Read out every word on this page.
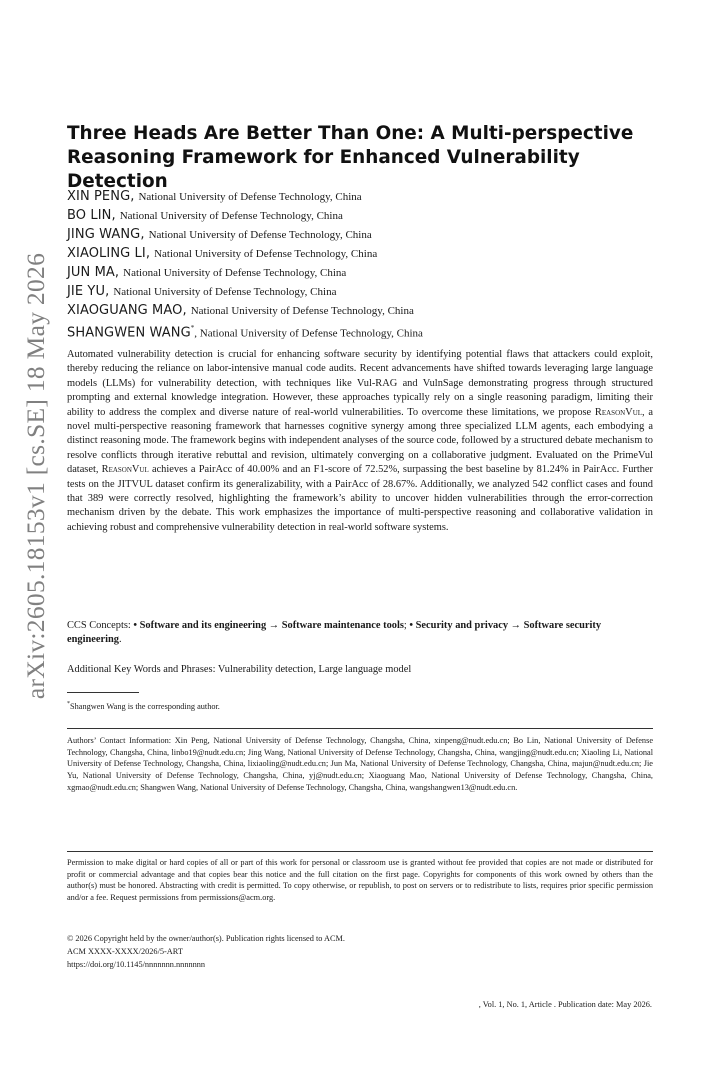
arXiv:2605.18153v1 [cs.SE] 18 May 2026
Three Heads Are Better Than One: A Multi-perspective Reasoning Framework for Enhanced Vulnerability Detection
XIN PENG, National University of Defense Technology, China
BO LIN, National University of Defense Technology, China
JING WANG, National University of Defense Technology, China
XIAOLING LI, National University of Defense Technology, China
JUN MA, National University of Defense Technology, China
JIE YU, National University of Defense Technology, China
XIAOGUANG MAO, National University of Defense Technology, China
SHANGWEN WANG*, National University of Defense Technology, China

Automated vulnerability detection is crucial for enhancing software security by identifying potential flaws that attackers could exploit, thereby reducing the reliance on labor-intensive manual code audits. Recent advancements have shifted towards leveraging large language models (LLMs) for vulnerability detection, with techniques like Vul-RAG and VulnSage demonstrating progress through structured prompting and external knowledge integration. However, these approaches typically rely on a single reasoning paradigm, limiting their ability to address the complex and diverse nature of real-world vulnerabilities. To overcome these limitations, we propose ReasonVul, a novel multi-perspective reasoning framework that harnesses cognitive synergy among three specialized LLM agents, each embodying a distinct reasoning mode. The framework begins with independent analyses of the source code, followed by a structured debate mechanism to resolve conflicts through iterative rebuttal and revision, ultimately converging on a collaborative judgment. Evaluated on the PrimeVul dataset, ReasonVul achieves a PairAcc of 40.00% and an F1-score of 72.52%, surpassing the best baseline by 81.24% in PairAcc. Further tests on the JITVUL dataset confirm its generalizability, with a PairAcc of 28.67%. Additionally, we analyzed 542 conflict cases and found that 389 were correctly resolved, highlighting the framework’s ability to uncover hidden vulnerabilities through the error-correction mechanism driven by the debate. This work emphasizes the importance of multi-perspective reasoning and collaborative validation in achieving robust and comprehensive vulnerability detection in real-world software systems.

CCS Concepts: • Software and its engineering → Software maintenance tools; • Security and privacy → Software security engineering.

Additional Key Words and Phrases: Vulnerability detection, Large language model

*Shangwen Wang is the corresponding author.

Authors’ Contact Information: Xin Peng, National University of Defense Technology, Changsha, China, xinpeng@nudt.edu.cn; Bo Lin, National University of Defense Technology, Changsha, China, linbo19@nudt.edu.cn; Jing Wang, National University of Defense Technology, Changsha, China, wangjing@nudt.edu.cn; Xiaoling Li, National University of Defense Technology, Changsha, China, lixiaoling@nudt.edu.cn; Jun Ma, National University of Defense Technology, Changsha, China, majun@nudt.edu.cn; Jie Yu, National University of Defense Technology, Changsha, China, yj@nudt.edu.cn; Xiaoguang Mao, National University of Defense Technology, Changsha, China, xgmao@nudt.edu.cn; Shangwen Wang, National University of Defense Technology, Changsha, China, wangshangwen13@nudt.edu.cn.

Permission to make digital or hard copies of all or part of this work for personal or classroom use is granted without fee provided that copies are not made or distributed for profit or commercial advantage and that copies bear this notice and the full citation on the first page. Copyrights for components of this work owned by others than the author(s) must be honored. Abstracting with credit is permitted. To copy otherwise, or republish, to post on servers or to redistribute to lists, requires prior specific permission and/or a fee. Request permissions from permissions@acm.org.

© 2026 Copyright held by the owner/author(s). Publication rights licensed to ACM.
ACM XXXX-XXXX/2026/5-ART
https://doi.org/10.1145/nnnnnnn.nnnnnnn
, Vol. 1, No. 1, Article . Publication date: May 2026.
